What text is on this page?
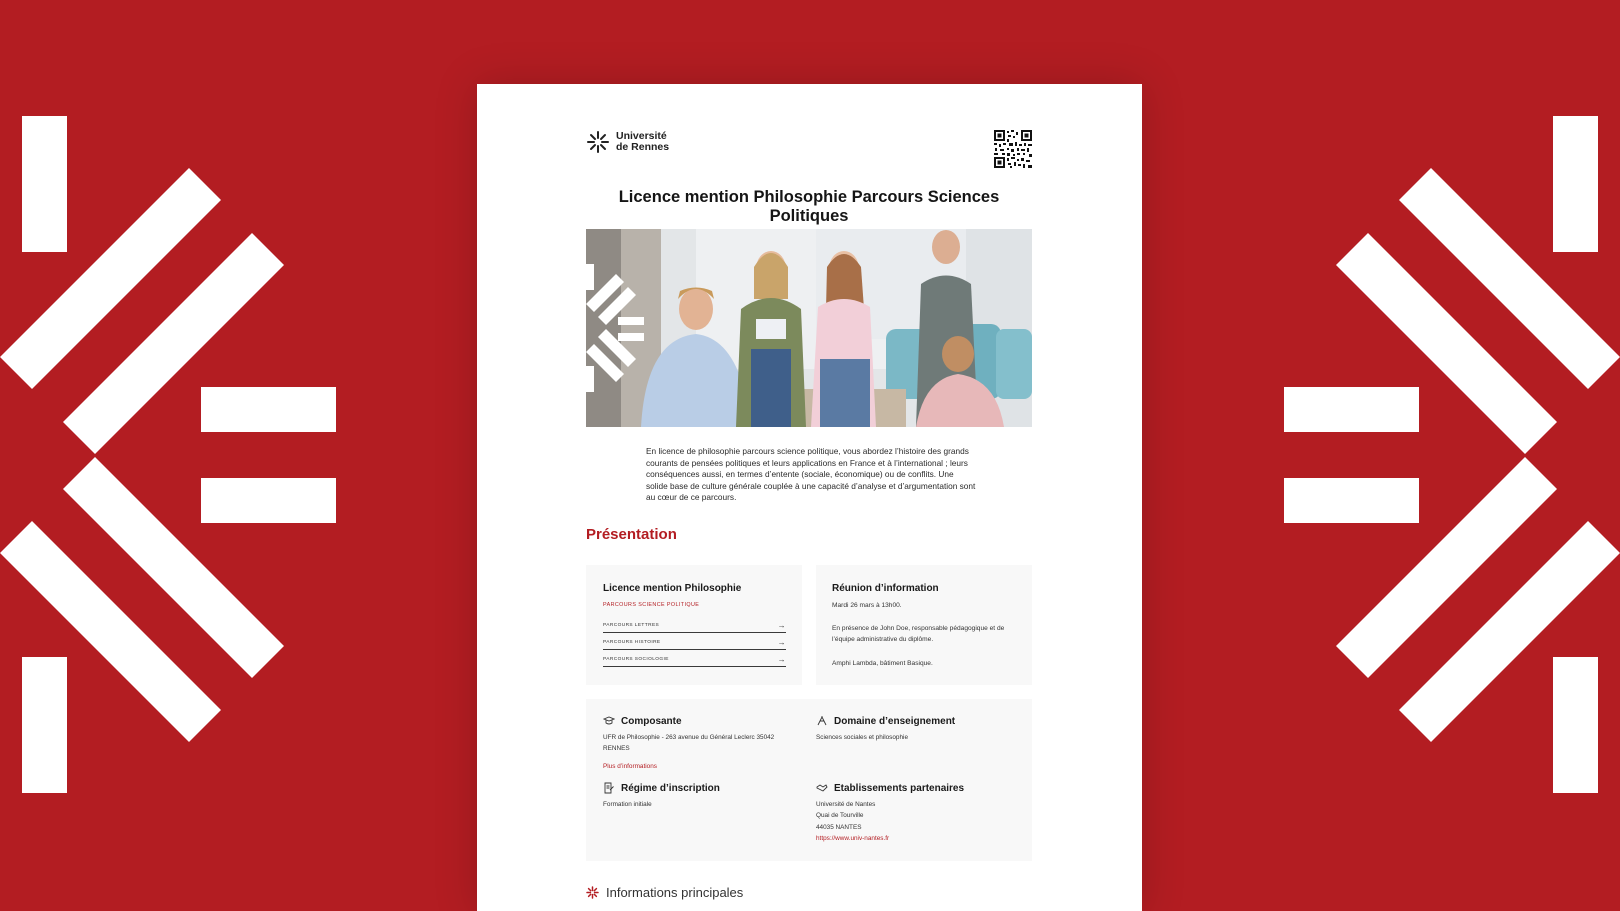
Université
de Rennes
Licence mention Philosophie Parcours Sciences Politiques

En licence de philosophie parcours science politique, vous abordez l’histoire des grands courants de pensées politiques et leurs applications en France et à l’international ; leurs conséquences aussi, en termes d’entente (sociale, économique) ou de conflits. Une solide base de culture générale couplée à une capacité d’analyse et d’argumentation sont au cœur de ce parcours.

Présentation
Licence mention Philosophie
PARCOURS SCIENCE POLITIQUE
PARCOURS LETTRES	→
PARCOURS HISTOIRE	→
PARCOURS SOCIOLOGIE	→
Réunion d’information
Mardi 26 mars à 13h00.
En présence de John Doe, responsable pédagogique et de l’équipe administrative du diplôme.
Amphi Lambda, bâtiment Basique.
Composante
UFR de Philosophie - 263 avenue du Général Leclerc 35042 RENNES
Plus d’informations
Domaine d’enseignement
Sciences sociales et philosophie
Régime d’inscription
Formation initiale
Etablissements partenaires
Université de Nantes
Quai de Tourville
44035 NANTES
https://www.univ-nantes.fr
Informations principales
